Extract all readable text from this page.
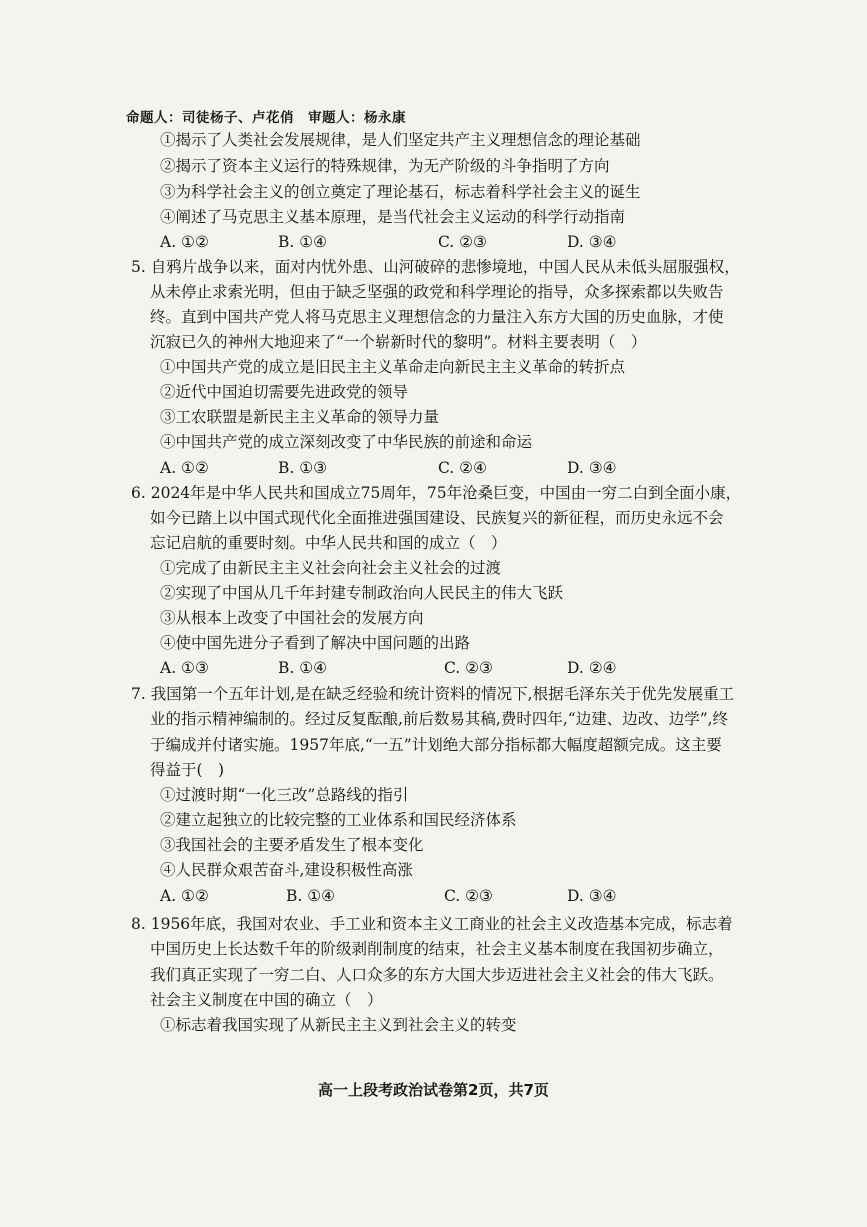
命题人：司徒杨子、卢花俏　审题人：杨永康
①揭示了人类社会发展规律，是人们坚定共产主义理想信念的理论基础
②揭示了资本主义运行的特殊规律，为无产阶级的斗争指明了方向
③为科学社会主义的创立奠定了理论基石，标志着科学社会主义的诞生
④阐述了马克思主义基本原理，是当代社会主义运动的科学行动指南
A. ①②	B. ①④	C. ②③	D. ③④
5. 自鸦片战争以来，面对内忧外患、山河破碎的悲惨境地，中国人民从未低头屈服强权，
从未停止求索光明，但由于缺乏坚强的政党和科学理论的指导，众多探索都以失败告
终。直到中国共产党人将马克思主义理想信念的力量注入东方大国的历史血脉，才使
沉寂已久的神州大地迎来了“一个崭新时代的黎明”。材料主要表明（　）
①中国共产党的成立是旧民主主义革命走向新民主主义革命的转折点
②近代中国迫切需要先进政党的领导
③工农联盟是新民主主义革命的领导力量
④中国共产党的成立深刻改变了中华民族的前途和命运
A. ①②	B. ①③	C. ②④	D. ③④
6. 2024年是中华人民共和国成立75周年，75年沧桑巨变，中国由一穷二白到全面小康，
如今已踏上以中国式现代化全面推进强国建设、民族复兴的新征程，而历史永远不会
忘记启航的重要时刻。中华人民共和国的成立（　）
①完成了由新民主主义社会向社会主义社会的过渡
②实现了中国从几千年封建专制政治向人民民主的伟大飞跃
③从根本上改变了中国社会的发展方向
④使中国先进分子看到了解决中国问题的出路
A. ①③	B. ①④	C. ②③	D. ②④
7. 我国第一个五年计划,是在缺乏经验和统计资料的情况下,根据毛泽东关于优先发展重工
业的指示精神编制的。经过反复酝酿,前后数易其稿,费时四年,“边建、边改、边学”,终
于编成并付诸实施。1957年底,“一五”计划绝大部分指标都大幅度超额完成。这主要
得益于(　)
①过渡时期“一化三改”总路线的指引
②建立起独立的比较完整的工业体系和国民经济体系
③我国社会的主要矛盾发生了根本变化
④人民群众艰苦奋斗,建设积极性高涨
A. ①②	B. ①④	C. ②③	D. ③④
8. 1956年底，我国对农业、手工业和资本主义工商业的社会主义改造基本完成，标志着
中国历史上长达数千年的阶级剥削制度的结束，社会主义基本制度在我国初步确立，
我们真正实现了一穷二白、人口众多的东方大国大步迈进社会主义社会的伟大飞跃。
社会主义制度在中国的确立（　）
①标志着我国实现了从新民主主义到社会主义的转变
高一上段考政治试卷第2页，共7页
